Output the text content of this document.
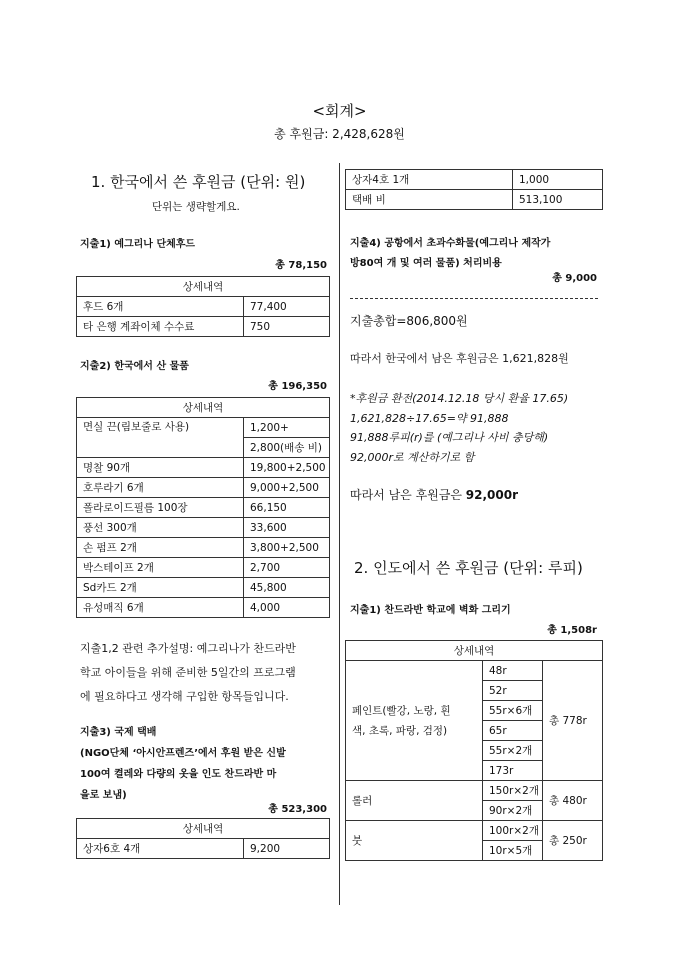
<회계>
총 후원금: 2,428,628원
1. 한국에서 쓴 후원금 (단위: 원)
단위는 생략할게요.
지출1) 예그리나 단체후드
총 78,150
상세내역	
후드 6개	77,400
타 은행 계좌이체 수수료	750
지출2) 한국에서 산 물품
총 196,350
상세내역	
면실 끈(림보줄로 사용)	1,200+
	2,800(배송 비)
명찰 90개	19,800+2,500
호루라기 6개	9,000+2,500
폴라로이드필름 100장	66,150
풍선 300개	33,600
손 펌프 2개	3,800+2,500
박스테이프 2개	2,700
Sd카드 2개	45,800
유성매직 6개	4,000
지출1,2 관련 추가설명: 예그리나가 찬드라반
학교 아이들을 위해 준비한 5일간의 프로그램
에 필요하다고 생각해 구입한 항목들입니다.
지출3) 국제 택배
(NGO단체 ‘아시안프렌즈’에서 후원 받은 신발
100여 켤레와 다량의 옷을 인도 찬드라반 마
을로 보냄)
총 523,300
상세내역
상자6호 4개	9,200
상자4호 1개	1,000
택배 비	513,100
지출4) 공항에서 초과수화물(예그리나 제작가
방80여 개 및 여러 물품) 처리비용
총 9,000
지출총합=806,800원
따라서 한국에서 남은 후원금은 1,621,828원
*후원금 환전(2014.12.18 당시 환율 17.65)
1,621,828÷17.65=약 91,888
91,888루피(r)를 (예그리나 사비 충당해)
92,000r로 계산하기로 함
따라서 남은 후원금은 92,000r
2. 인도에서 쓴 후원금 (단위: 루피)
지출1) 찬드라반 학교에 벽화 그리기
총 1,508r
상세내역		

페인트(빨강, 노랑, 흰
색, 초록, 파랑, 검정)	48r	총 778r
	52r	
	55r×6개	
	65r	
	55r×2개	
	173r	
롤러	150r×2개	총 480r
	90r×2개	
붓	100r×2개	총 250r
	10r×5개	
